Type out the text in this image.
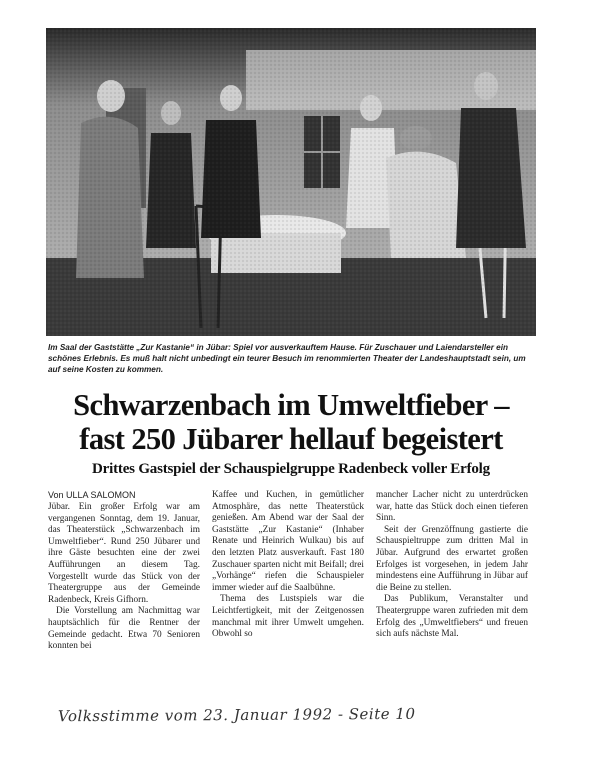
Im Saal der Gaststätte „Zur Kastanie“ in Jübar: Spiel vor ausverkauftem Hause. Für Zuschauer und Laiendarsteller ein schönes Erlebnis. Es muß halt nicht unbedingt ein teurer Besuch im renommierten Theater der Landeshauptstadt sein, um auf seine Kosten zu kommen.
Schwarzenbach im Umweltfieber –
fast 250 Jübarer hellauf begeistert
Drittes Gastspiel der Schauspielgruppe Radenbeck voller Erfolg
Von ULLA SALOMON

Jübar. Ein großer Erfolg war am vergangenen Sonntag, dem 19. Januar, das Theaterstück „Schwarzenbach im Umweltfieber“. Rund 250 Jübarer und ihre Gäste besuchten eine der zwei Aufführungen an diesem Tag. Vorgestellt wurde das Stück von der Theatergruppe aus der Gemeinde Radenbeck, Kreis Gifhorn.

Die Vorstellung am Nachmittag war hauptsächlich für die Rentner der Gemeinde gedacht. Etwa 70 Senioren konnten bei

Kaffee und Kuchen, in gemütlicher Atmosphäre, das nette Theaterstück genießen. Am Abend war der Saal der Gaststätte „Zur Kastanie“ (Inhaber Renate und Heinrich Wulkau) bis auf den letzten Platz ausverkauft. Fast 180 Zuschauer sparten nicht mit Beifall; drei „Vorhänge“ riefen die Schauspieler immer wieder auf die Saalbühne.

Thema des Lustspiels war die Leichtfertigkeit, mit der Zeitgenossen manchmal mit ihrer Umwelt umgehen. Obwohl so

mancher Lacher nicht zu unterdrücken war, hatte das Stück doch einen tieferen Sinn.

Seit der Grenzöffnung gastierte die Schauspieltruppe zum dritten Mal in Jübar. Aufgrund des erwartet großen Erfolges ist vorgesehen, in jedem Jahr mindestens eine Aufführung in Jübar auf die Beine zu stellen.

Das Publikum, Veranstalter und Theatergruppe waren zufrieden mit dem Erfolg des „Umweltfiebers“ und freuen sich aufs nächste Mal.

Volksstimme vom 23. Januar 1992 - Seite 10
